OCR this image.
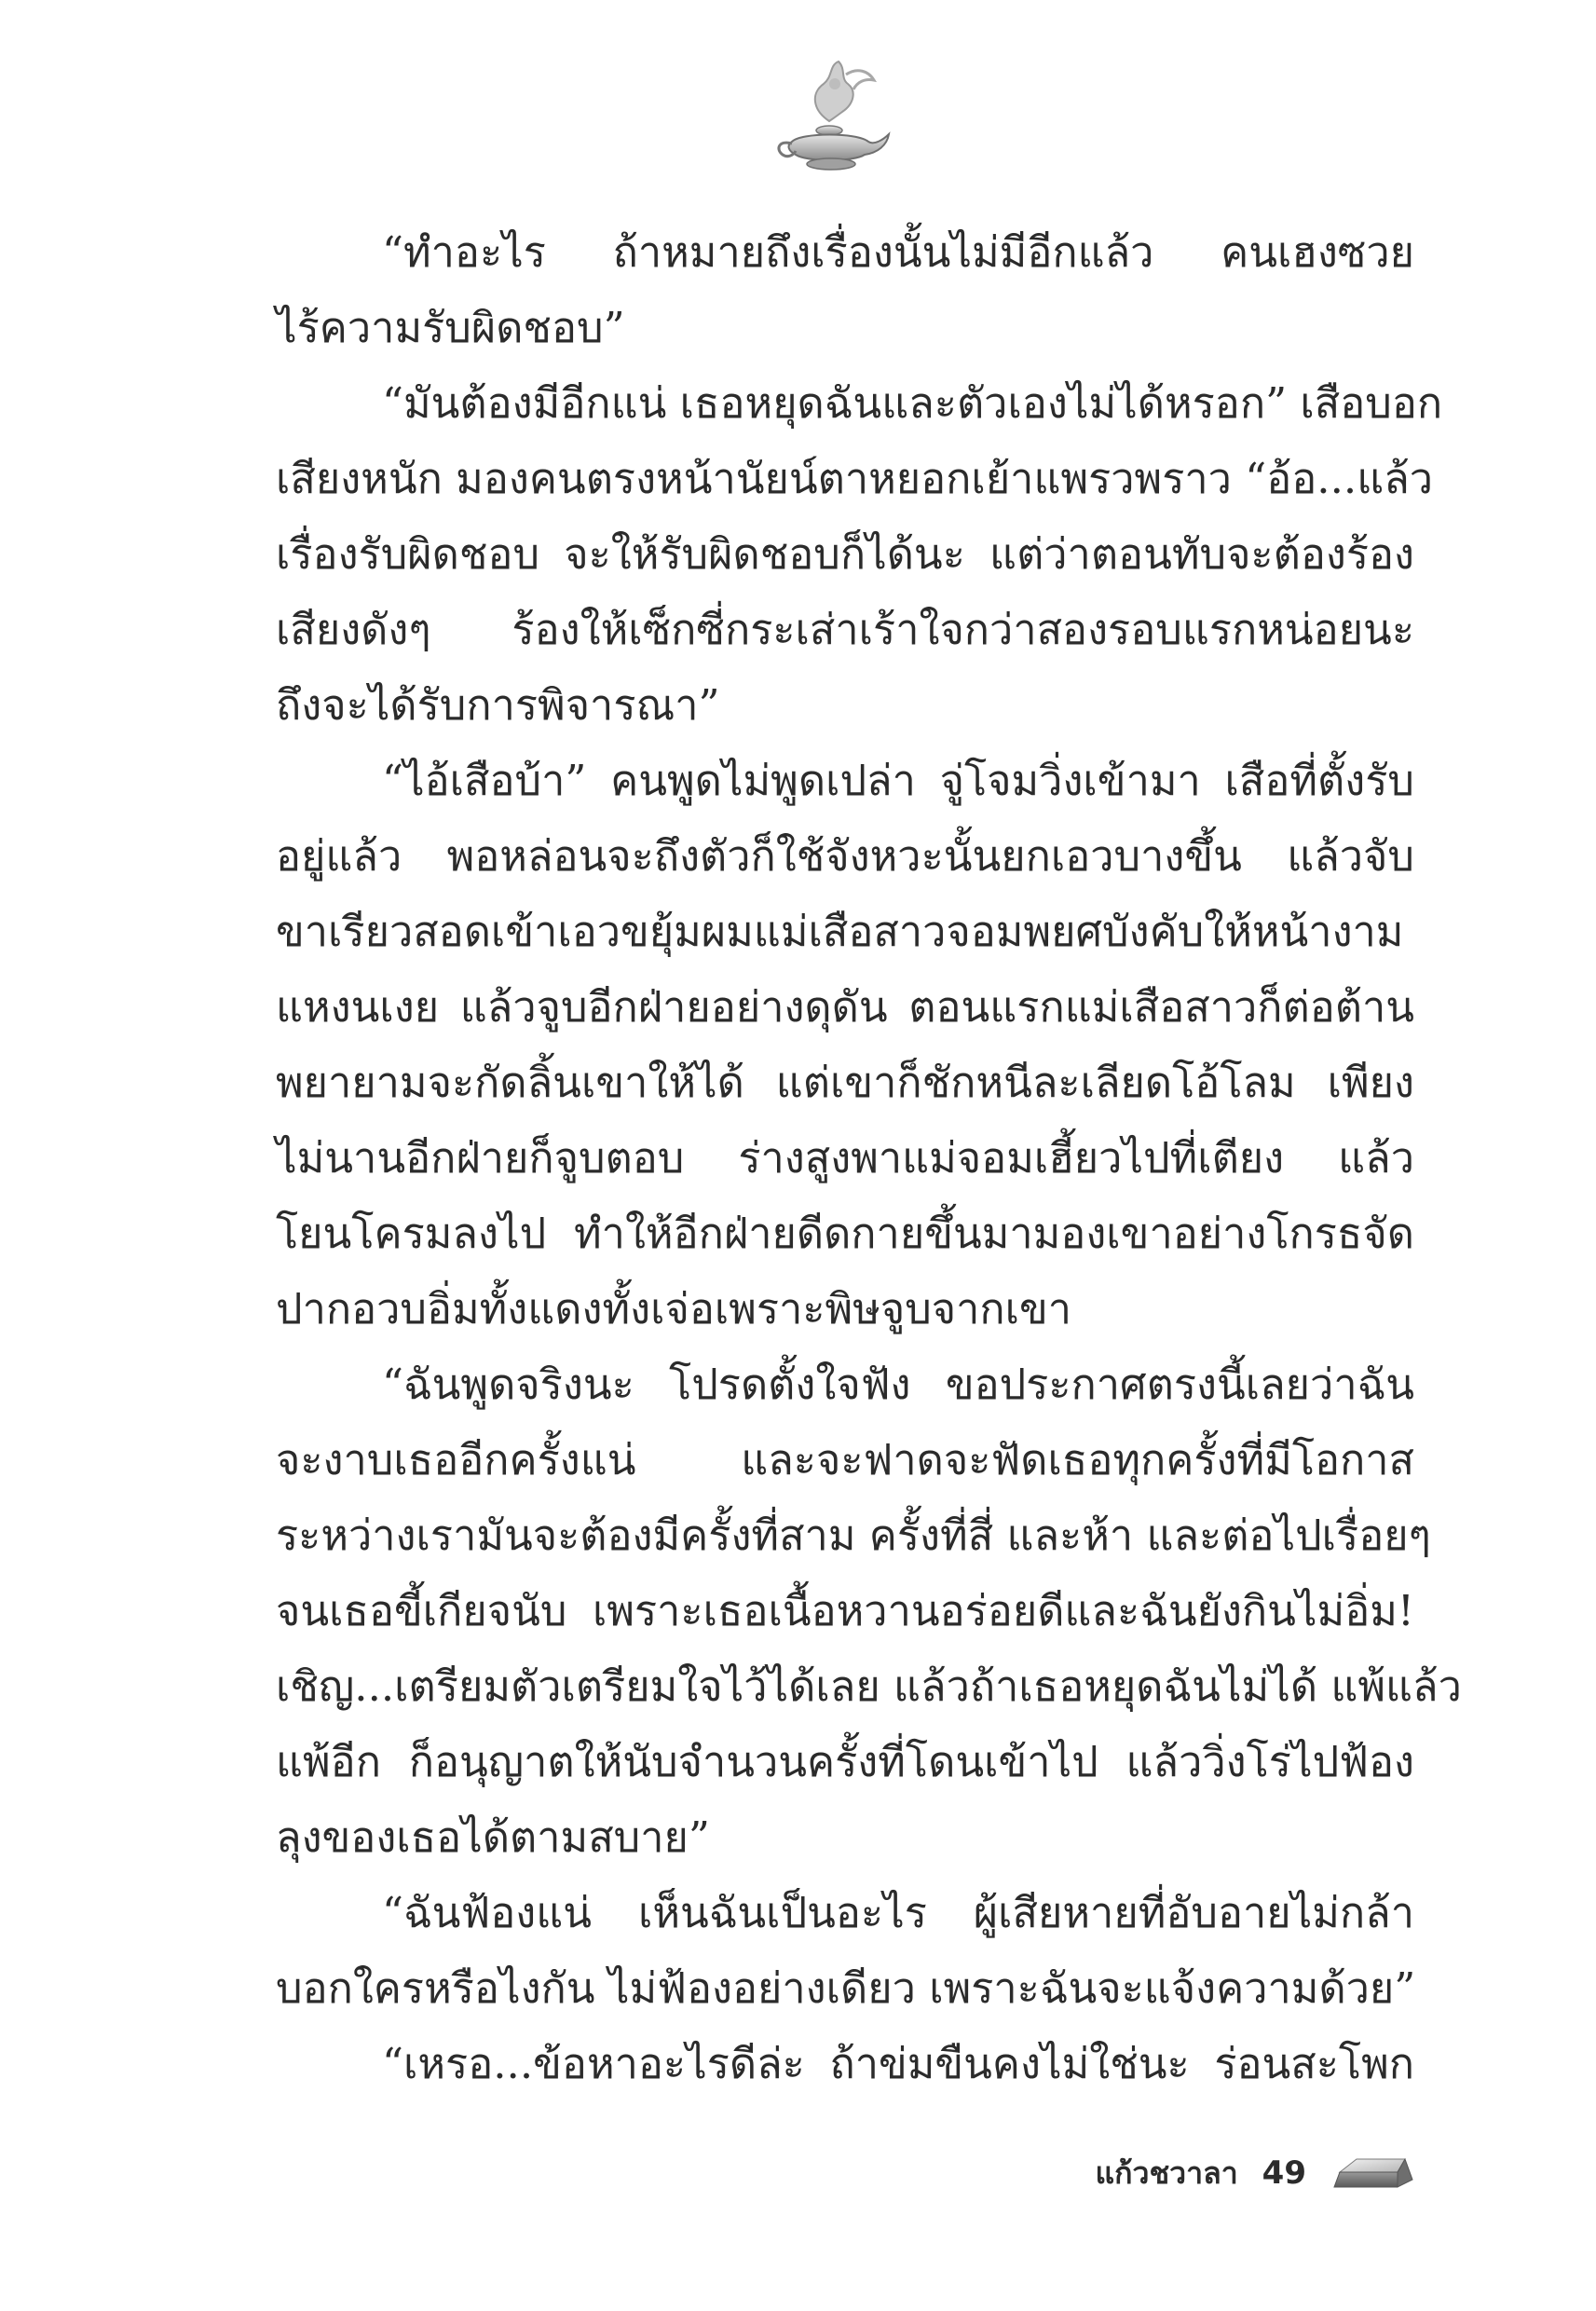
“ทำอะไร ถ้าหมายถึงเรื่องนั้นไม่มีอีกแล้ว คนเฮงซวย
ไร้ความรับผิดชอบ”
“มันต้องมีอีกแน่ เธอหยุดฉันและตัวเองไม่ได้หรอก” เสือบอก
เสียงหนัก มองคนตรงหน้านัยน์ตาหยอกเย้าแพรวพราว “อ้อ...แล้ว
เรื่องรับผิดชอบ จะให้รับผิดชอบก็ได้นะ แต่ว่าตอนทับจะต้องร้อง
เสียงดังๆ ร้องให้เซ็กซี่กระเส่าเร้าใจกว่าสองรอบแรกหน่อยนะ
ถึงจะได้รับการพิจารณา”
“ไอ้เสือบ้า” คนพูดไม่พูดเปล่า จู่โจมวิ่งเข้ามา เสือที่ตั้งรับ
อยู่แล้ว พอหล่อนจะถึงตัวก็ใช้จังหวะนั้นยกเอวบางขึ้น แล้วจับ
ขาเรียวสอดเข้าเอวขยุ้มผมแม่เสือสาวจอมพยศบังคับให้หน้างาม
แหงนเงย แล้วจูบอีกฝ่ายอย่างดุดัน ตอนแรกแม่เสือสาวก็ต่อต้าน
พยายามจะกัดลิ้นเขาให้ได้ แต่เขาก็ชักหนีละเลียดโอ้โลม เพียง
ไม่นานอีกฝ่ายก็จูบตอบ ร่างสูงพาแม่จอมเฮี้ยวไปที่เตียง แล้ว
โยนโครมลงไป ทำให้อีกฝ่ายดีดกายขึ้นมามองเขาอย่างโกรธจัด
ปากอวบอิ่มทั้งแดงทั้งเจ่อเพราะพิษจูบจากเขา
“ฉันพูดจริงนะ โปรดตั้งใจฟัง ขอประกาศตรงนี้เลยว่าฉัน
จะงาบเธออีกครั้งแน่ และจะฟาดจะฟัดเธอทุกครั้งที่มีโอกาส
ระหว่างเรามันจะต้องมีครั้งที่สาม ครั้งที่สี่ และห้า และต่อไปเรื่อยๆ
จนเธอขี้เกียจนับ เพราะเธอเนื้อหวานอร่อยดีและฉันยังกินไม่อิ่ม!
เชิญ...เตรียมตัวเตรียมใจไว้ได้เลย แล้วถ้าเธอหยุดฉันไม่ได้ แพ้แล้ว
แพ้อีก ก็อนุญาตให้นับจำนวนครั้งที่โดนเข้าไป แล้ววิ่งโร่ไปฟ้อง
ลุงของเธอได้ตามสบาย”
“ฉันฟ้องแน่ เห็นฉันเป็นอะไร ผู้เสียหายที่อับอายไม่กล้า
บอกใครหรือไงกัน ไม่ฟ้องอย่างเดียว เพราะฉันจะแจ้งความด้วย”
“เหรอ...ข้อหาอะไรดีล่ะ ถ้าข่มขืนคงไม่ใช่นะ ร่อนสะโพก
แก้วชวาลา 49
